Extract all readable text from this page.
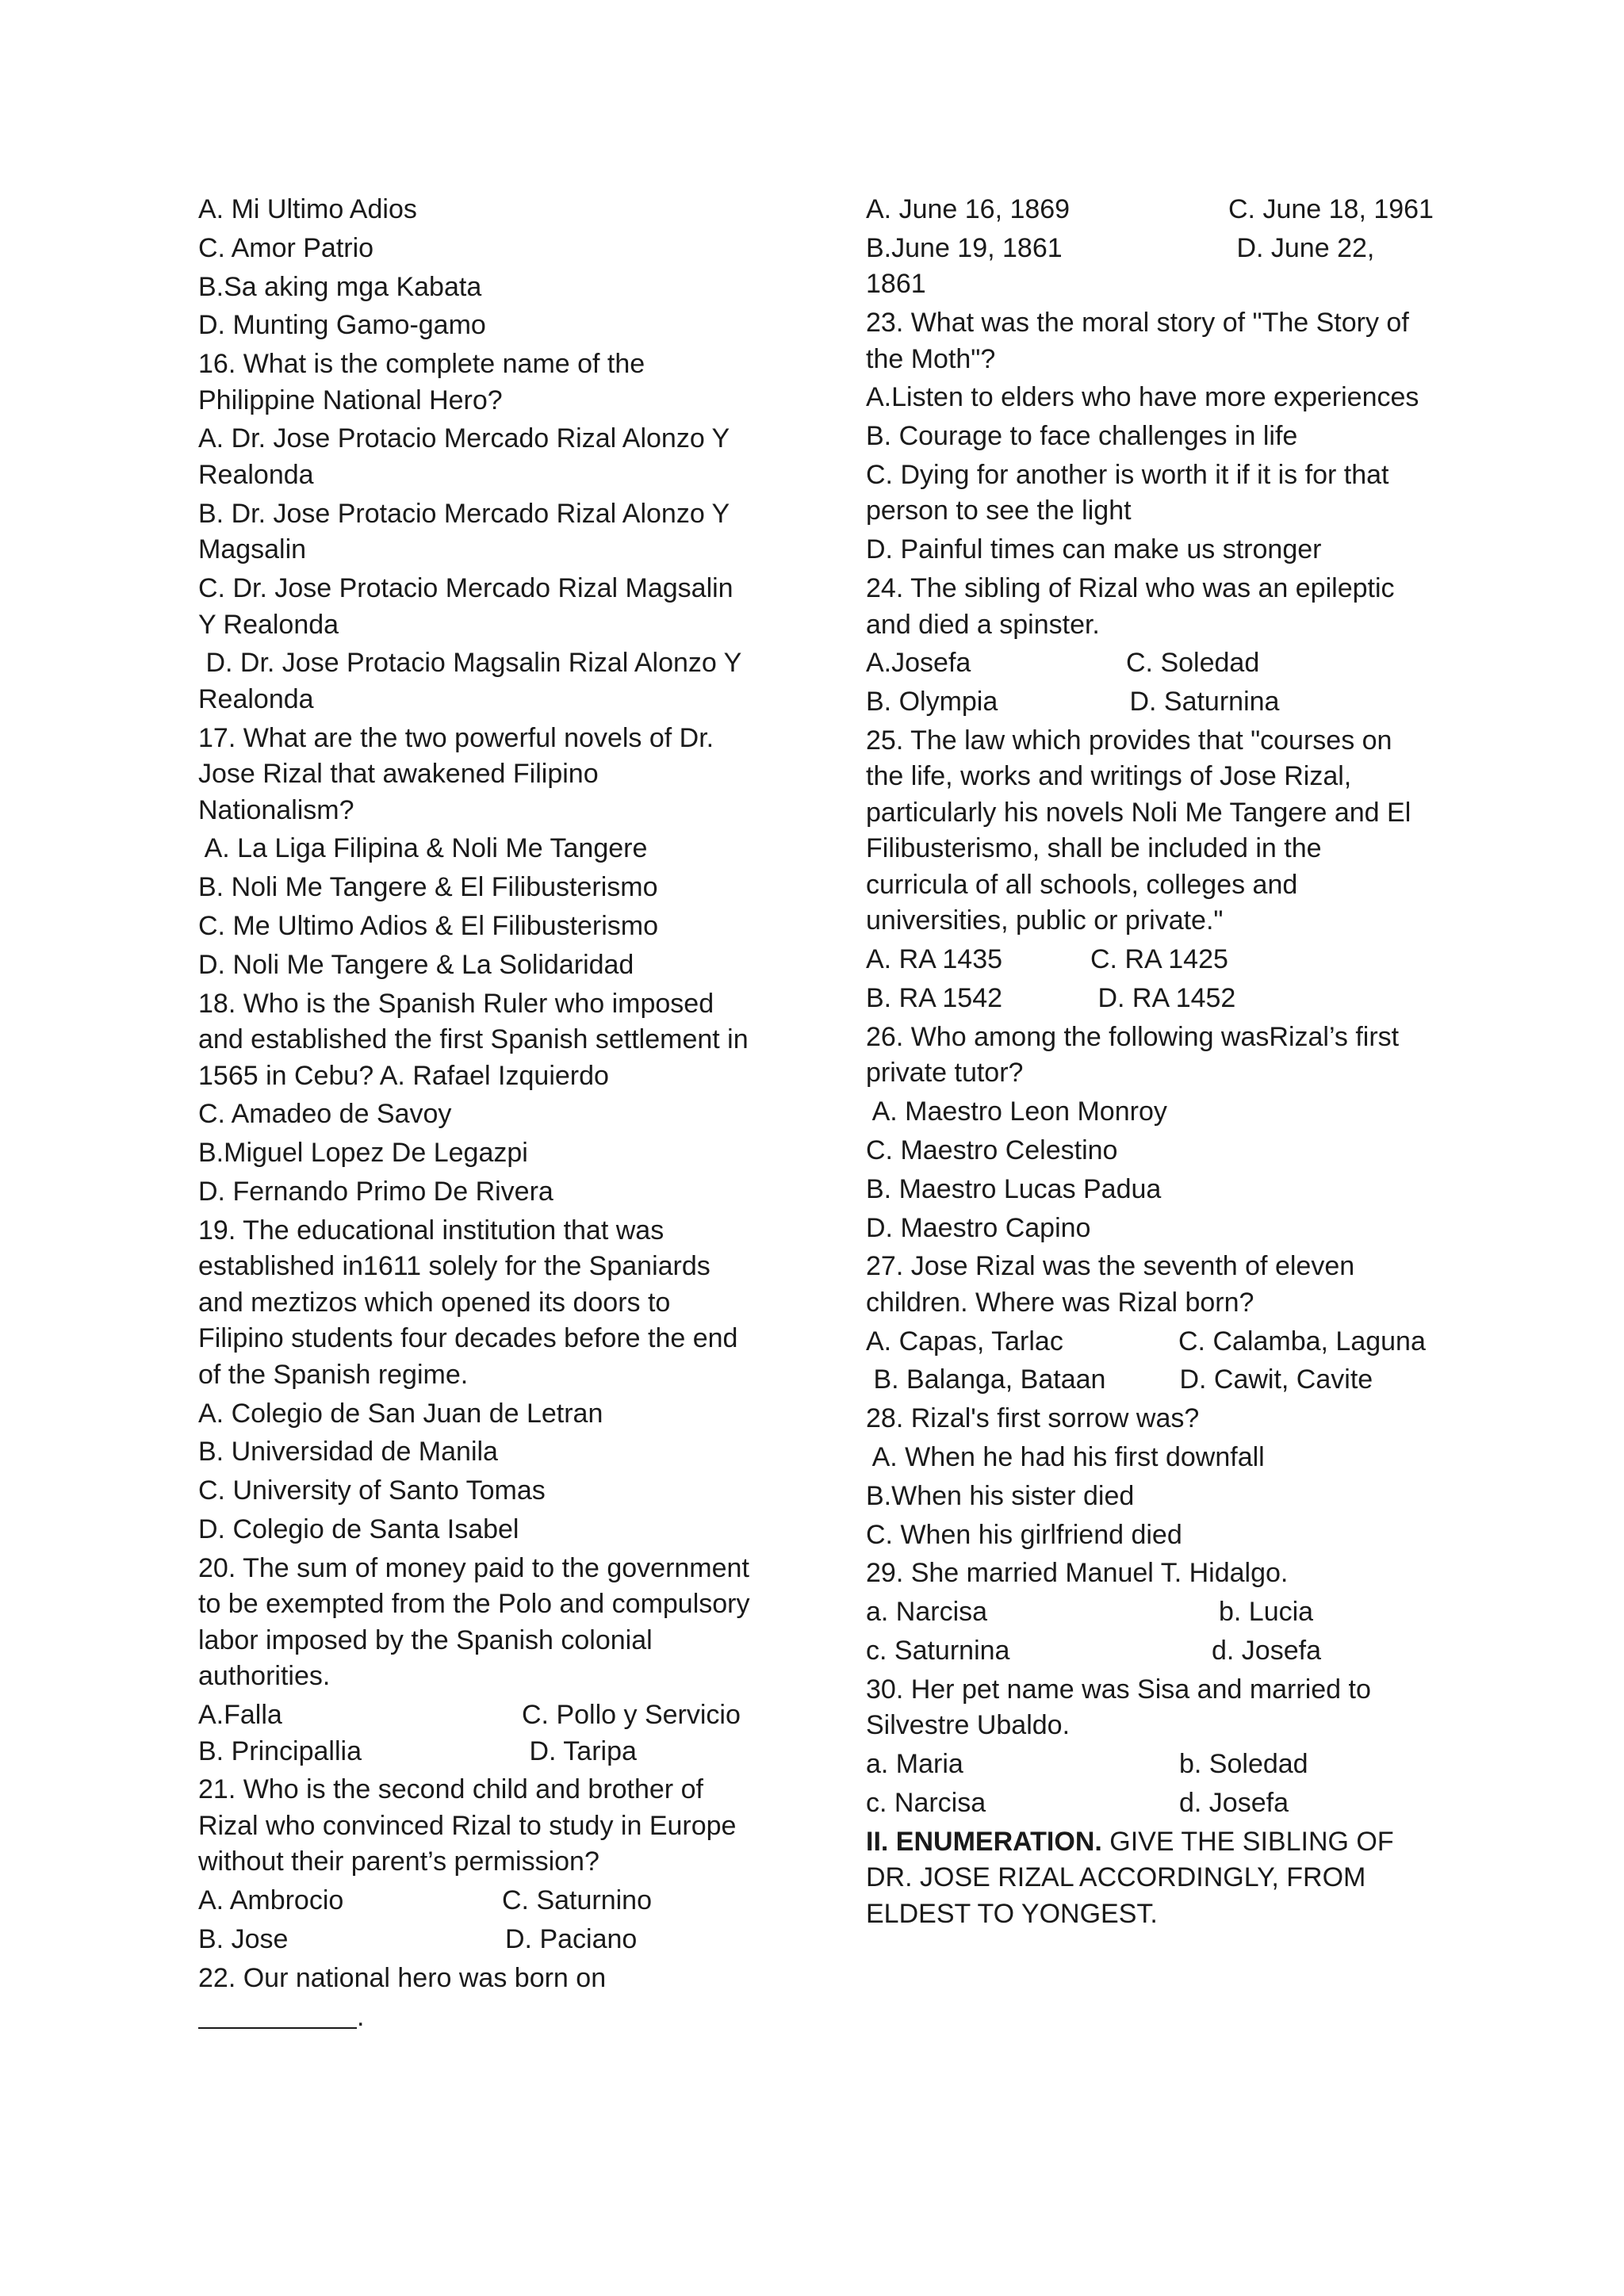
A. Mi Ultimo Adios
C. Amor Patrio
B.Sa aking mga Kabata
D. Munting Gamo-gamo
16. What is the complete name of the
Philippine National Hero?
A. Dr. Jose Protacio Mercado Rizal Alonzo Y
Realonda
B. Dr. Jose Protacio Mercado Rizal Alonzo Y
Magsalin
C. Dr. Jose Protacio Mercado Rizal Magsalin
Y Realonda
D. Dr. Jose Protacio Magsalin Rizal Alonzo Y
Realonda
17. What are the two powerful novels of Dr.
Jose Rizal that awakened Filipino
Nationalism?
A. La Liga Filipina & Noli Me Tangere
B. Noli Me Tangere & El Filibusterismo
C. Me Ultimo Adios & El Filibusterismo
D. Noli Me Tangere & La Solidaridad
18. Who is the Spanish Ruler who imposed
and established the first Spanish settlement in
1565 in Cebu? A. Rafael Izquierdo
C. Amadeo de Savoy
B.Miguel Lopez De Legazpi
D. Fernando Primo De Rivera
19. The educational institution that was
established in1611 solely for the Spaniards
and meztizos which opened its doors to
Filipino students four decades before the end
of the Spanish regime.
A. Colegio de San Juan de Letran
B. Universidad de Manila
C. University of Santo Tomas
D. Colegio de Santa Isabel
20. The sum of money paid to the government
to be exempted from the Polo and compulsory
labor imposed by the Spanish colonial
authorities.
A.Falla	C. Pollo y Servicio
B. Principallia	D. Taripa
21. Who is the second child and brother of
Rizal who convinced Rizal to study in Europe
without their parent’s permission?
A. Ambrocio	C. Saturnino
B. Jose	D. Paciano
22. Our national hero was born on
.
A. June 16, 1869	C. June 18, 1961
B.June 19, 1861	D. June 22,
1861
23. What was the moral story of "The Story of
the Moth"?
A.Listen to elders who have more experiences
B. Courage to face challenges in life
C. Dying for another is worth it if it is for that
person to see the light
D. Painful times can make us stronger
24. The sibling of Rizal who was an epileptic
and died a spinster.
A.Josefa	C. Soledad
B. Olympia	D. Saturnina
25. The law which provides that "courses on
the life, works and writings of Jose Rizal,
particularly his novels Noli Me Tangere and El
Filibusterismo, shall be included in the
curricula of all schools, colleges and
universities, public or private."
A. RA 1435	C. RA 1425
B. RA 1542	D. RA 1452
26. Who among the following wasRizal’s first
private tutor?
A. Maestro Leon Monroy
C. Maestro Celestino
B. Maestro Lucas Padua
D. Maestro Capino
27. Jose Rizal was the seventh of eleven
children. Where was Rizal born?
A. Capas, Tarlac	C. Calamba, Laguna
B. Balanga, Bataan D. Cawit, Cavite
28. Rizal's first sorrow was?
A. When he had his first downfall
B.When his sister died
C. When his girlfriend died
29. She married Manuel T. Hidalgo.
a. Narcisa	b. Lucia
c. Saturnina	d. Josefa
30. Her pet name was Sisa and married to
Silvestre Ubaldo.
a. Maria	b. Soledad
c. Narcisa	d. Josefa
II. ENUMERATION. GIVE THE SIBLING OF
DR. JOSE RIZAL ACCORDINGLY, FROM
ELDEST TO YONGEST.
